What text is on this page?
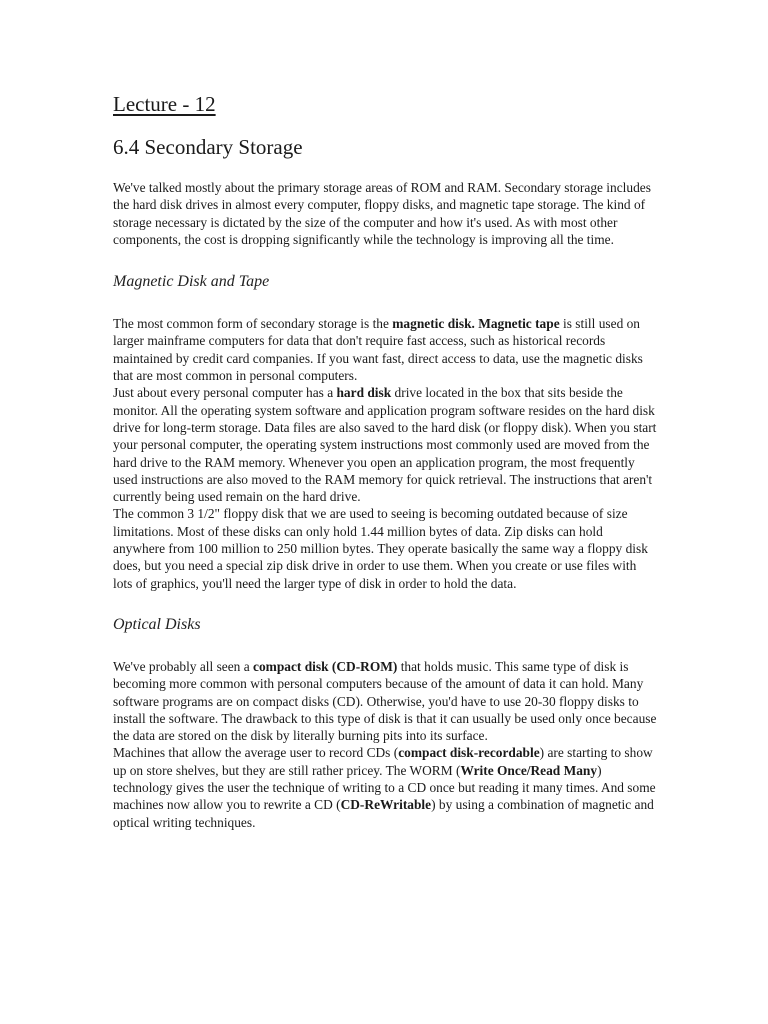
Lecture - 12
6.4 Secondary Storage

We've talked mostly about the primary storage areas of ROM and RAM. Secondary storage includes the hard disk drives in almost every computer, floppy disks, and magnetic tape storage. The kind of storage necessary is dictated by the size of the computer and how it's used. As with most other components, the cost is dropping significantly while the technology is improving all the time.

Magnetic Disk and Tape

The most common form of secondary storage is the magnetic disk. Magnetic tape is still used on larger mainframe computers for data that don't require fast access, such as historical records maintained by credit card companies. If you want fast, direct access to data, use the magnetic disks that are most common in personal computers.

Just about every personal computer has a hard disk drive located in the box that sits beside the monitor. All the operating system software and application program software resides on the hard disk drive for long-term storage. Data files are also saved to the hard disk (or floppy disk). When you start your personal computer, the operating system instructions most commonly used are moved from the hard drive to the RAM memory. Whenever you open an application program, the most frequently used instructions are also moved to the RAM memory for quick retrieval. The instructions that aren't currently being used remain on the hard drive.

The common 3 1/2" floppy disk that we are used to seeing is becoming outdated because of size limitations. Most of these disks can only hold 1.44 million bytes of data. Zip disks can hold anywhere from 100 million to 250 million bytes. They operate basically the same way a floppy disk does, but you need a special zip disk drive in order to use them. When you create or use files with lots of graphics, you'll need the larger type of disk in order to hold the data.

Optical Disks

We've probably all seen a compact disk (CD-ROM) that holds music. This same type of disk is becoming more common with personal computers because of the amount of data it can hold. Many software programs are on compact disks (CD). Otherwise, you'd have to use 20-30 floppy disks to install the software. The drawback to this type of disk is that it can usually be used only once because the data are stored on the disk by literally burning pits into its surface.

Machines that allow the average user to record CDs (compact disk-recordable) are starting to show up on store shelves, but they are still rather pricey. The WORM (Write Once/Read Many) technology gives the user the technique of writing to a CD once but reading it many times. And some machines now allow you to rewrite a CD (CD-ReWritable) by using a combination of magnetic and optical writing techniques.
